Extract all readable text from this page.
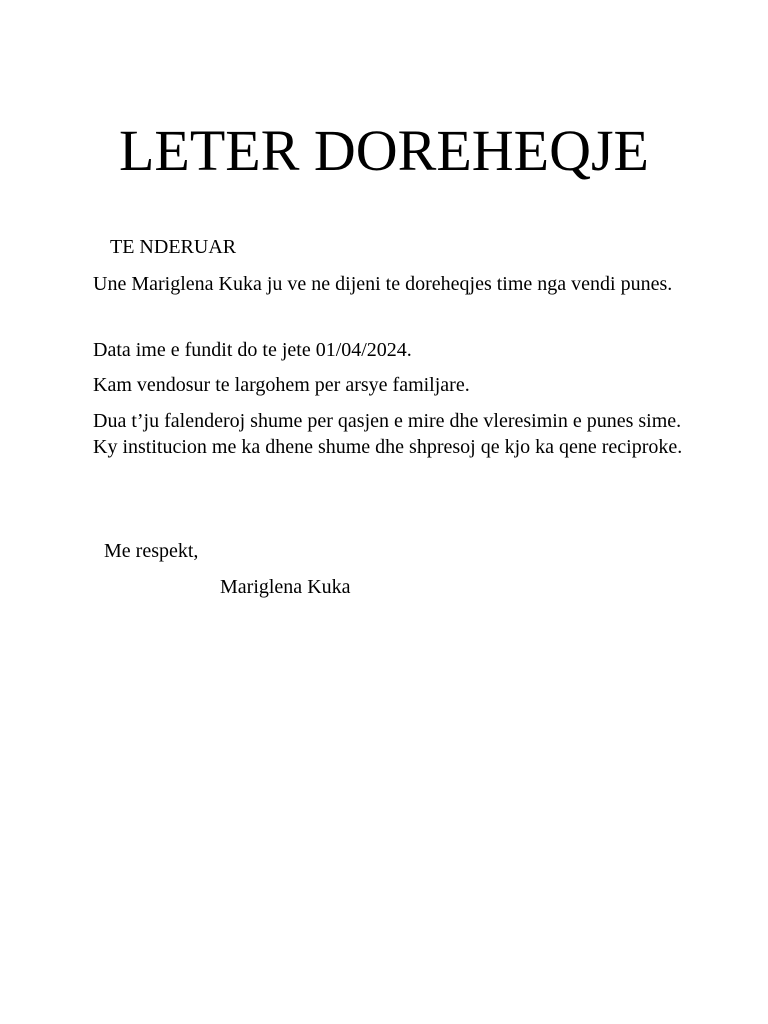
LETER DOREHEQJE

TE NDERUAR

Une Mariglena Kuka ju ve ne dijeni te doreheqjes time nga vendi punes.

Data ime e fundit do te jete 01/04/2024.

Kam vendosur te largohem per arsye familjare.

Dua t’ju falenderoj shume per qasjen e mire dhe vleresimin e punes sime. Ky institucion me ka dhene shume dhe shpresoj qe kjo ka qene reciproke.

Me respekt,

Mariglena Kuka
